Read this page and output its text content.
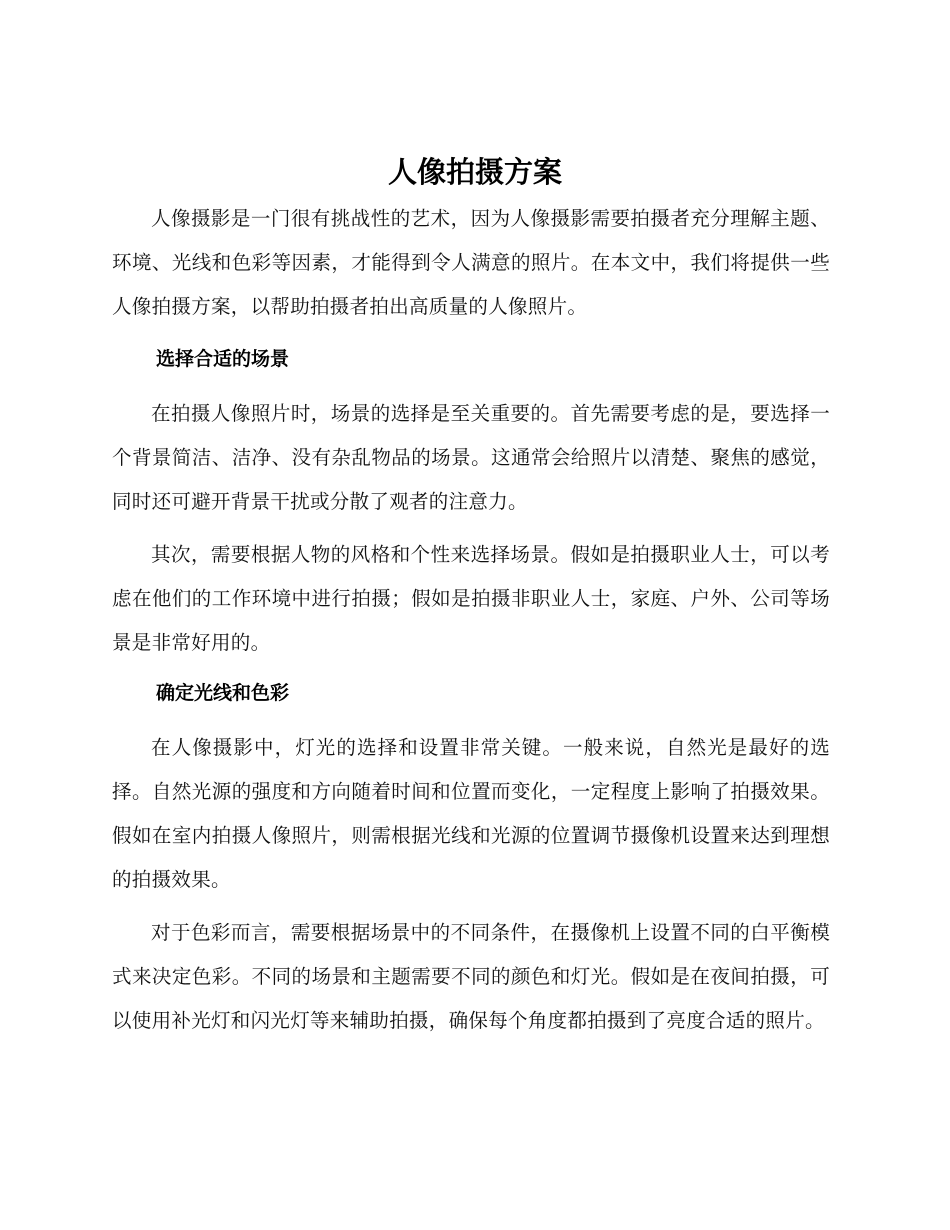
人像拍摄方案

人像摄影是一门很有挑战性的艺术，因为人像摄影需要拍摄者充分理解主题、环境、光线和色彩等因素，才能得到令人满意的照片。在本文中，我们将提供一些人像拍摄方案，以帮助拍摄者拍出高质量的人像照片。

选择合适的场景

在拍摄人像照片时，场景的选择是至关重要的。首先需要考虑的是，要选择一个背景简洁、洁净、没有杂乱物品的场景。这通常会给照片以清楚、聚焦的感觉，同时还可避开背景干扰或分散了观者的注意力。

其次，需要根据人物的风格和个性来选择场景。假如是拍摄职业人士，可以考虑在他们的工作环境中进行拍摄；假如是拍摄非职业人士，家庭、户外、公司等场景是非常好用的。

确定光线和色彩

在人像摄影中，灯光的选择和设置非常关键。一般来说，自然光是最好的选择。自然光源的强度和方向随着时间和位置而变化，一定程度上影响了拍摄效果。假如在室内拍摄人像照片，则需根据光线和光源的位置调节摄像机设置来达到理想的拍摄效果。

对于色彩而言，需要根据场景中的不同条件，在摄像机上设置不同的白平衡模式来决定色彩。不同的场景和主题需要不同的颜色和灯光。假如是在夜间拍摄，可以使用补光灯和闪光灯等来辅助拍摄，确保每个角度都拍摄到了亮度合适的照片。
